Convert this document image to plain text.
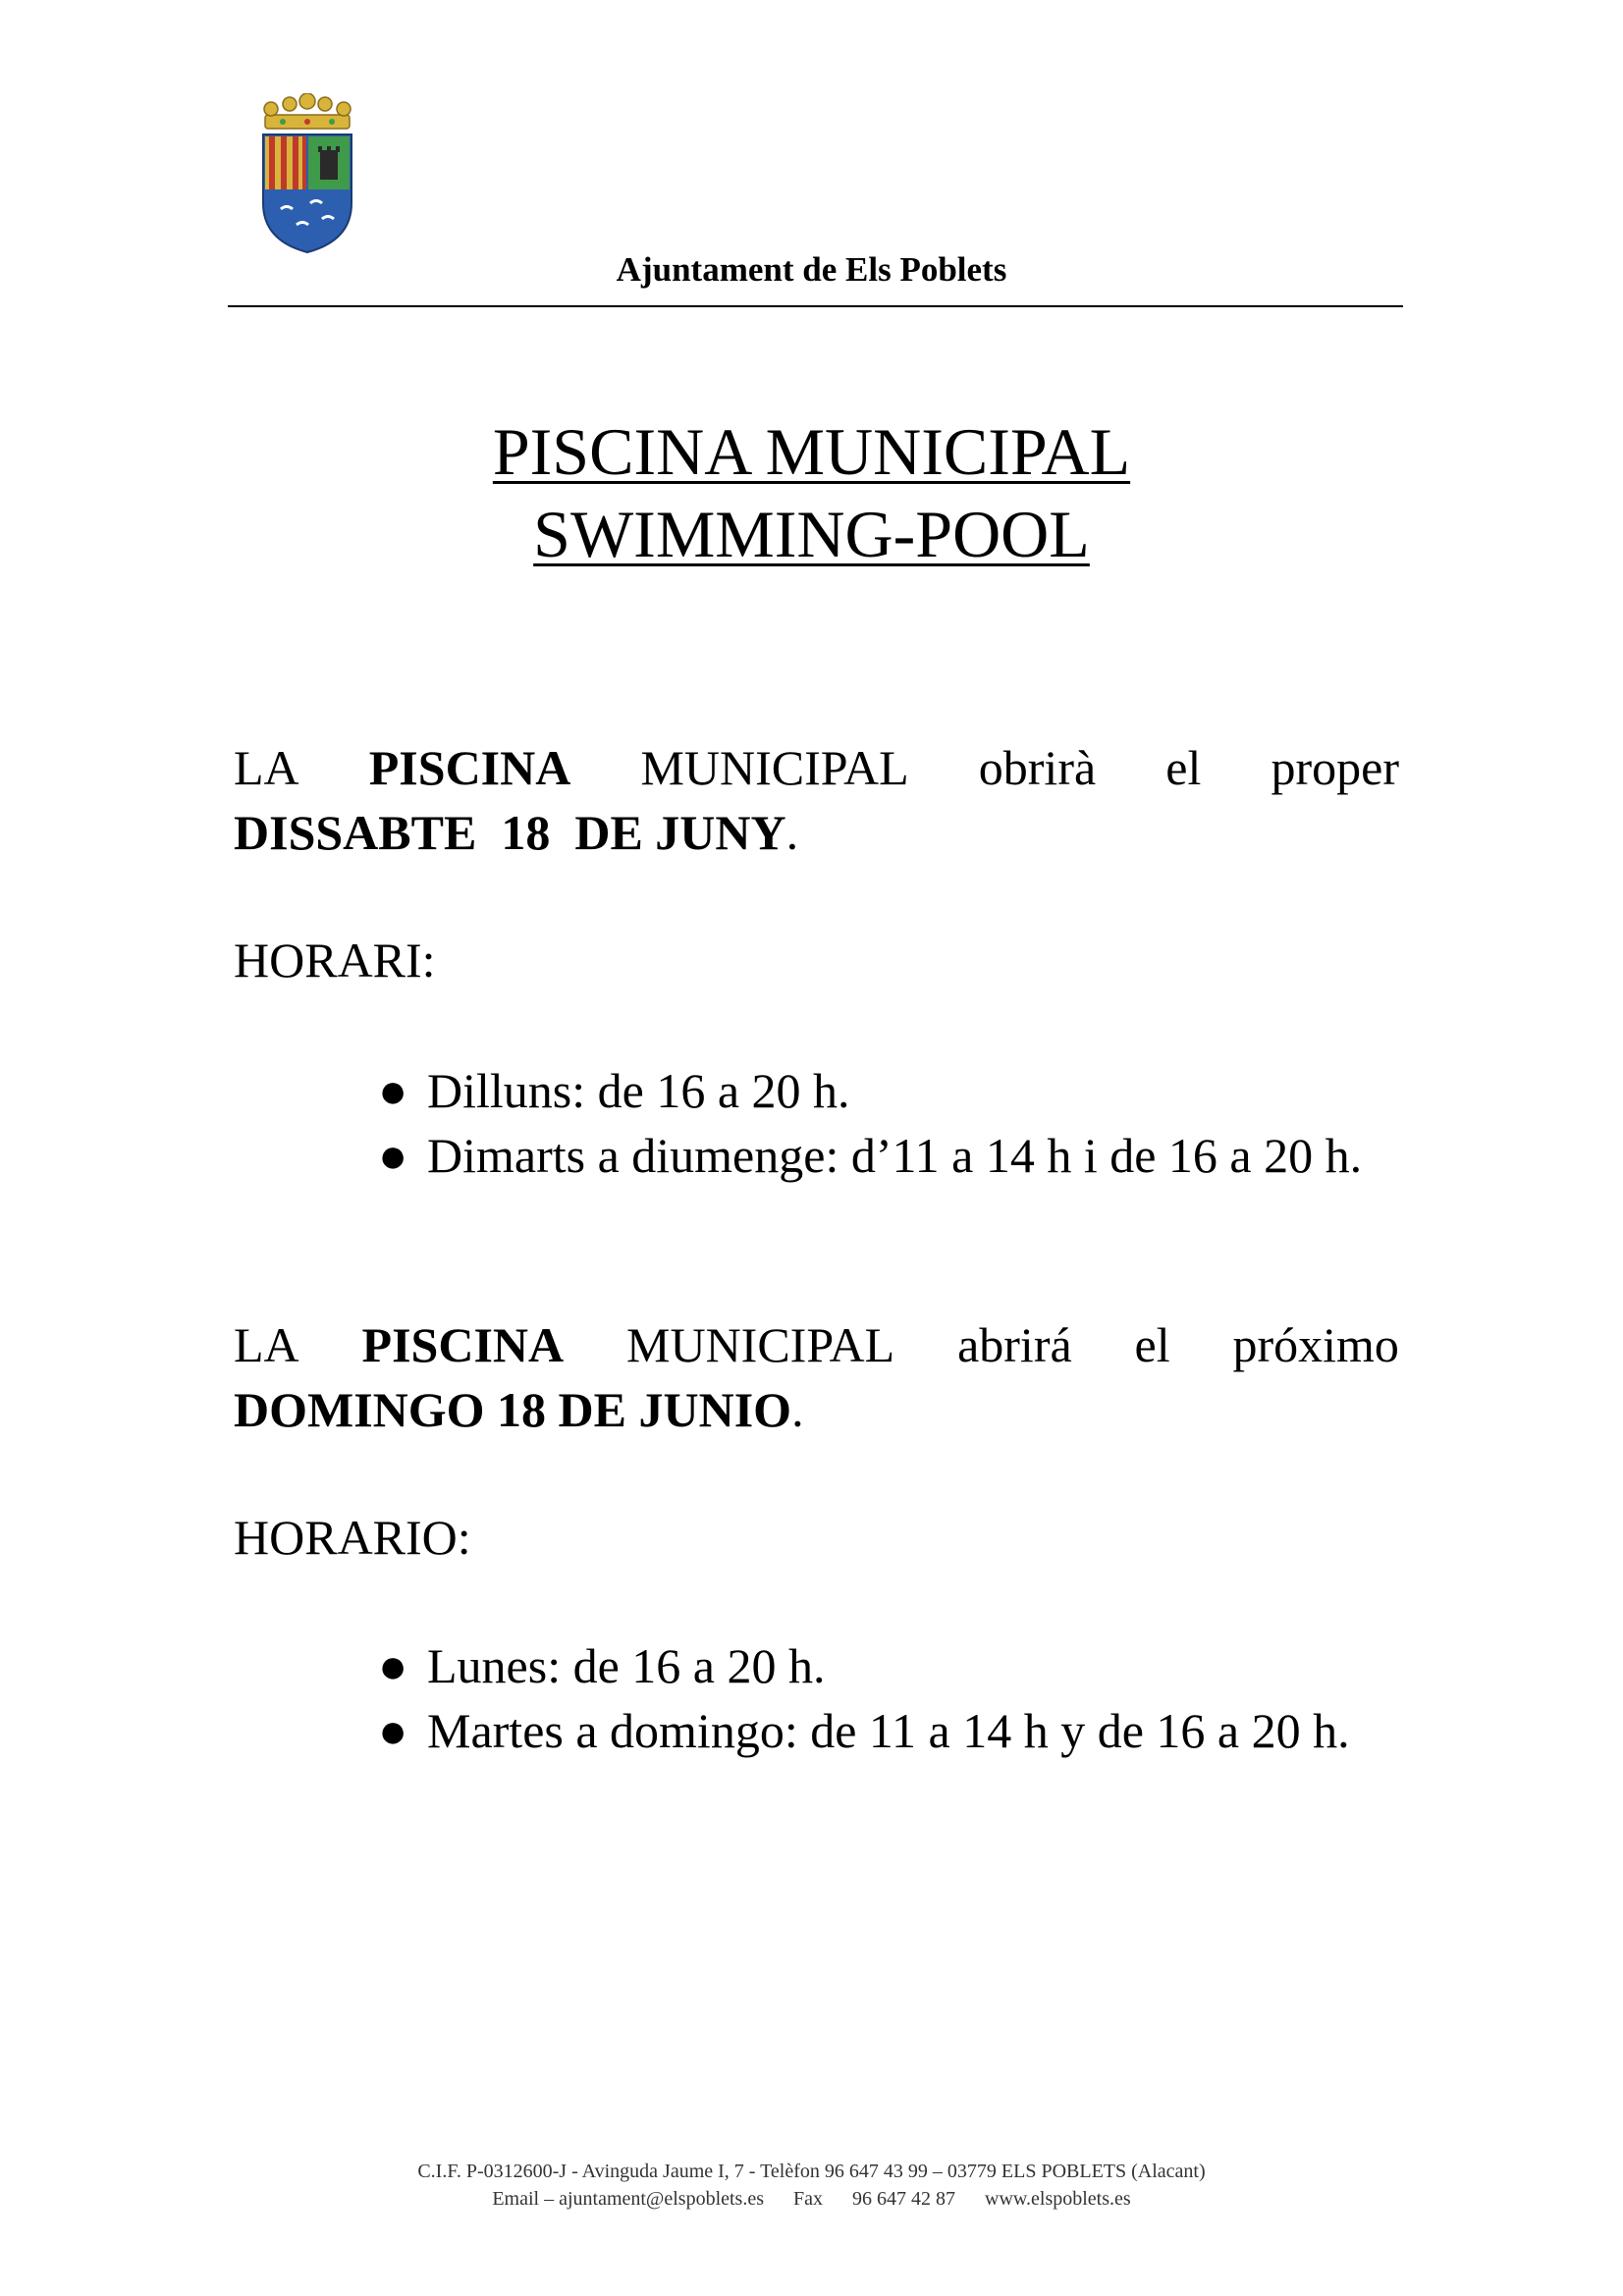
Ajuntament de Els Poblets
PISCINA MUNICIPAL
SWIMMING-POOL
LA PISCINA MUNICIPAL obrirà el proper
DISSABTE  18  DE JUNY.
HORARI:
● Dilluns: de 16 a 20 h.
● Dimarts a diumenge: d’11 a 14 h i de 16 a 20 h.
LA PISCINA MUNICIPAL abrirá el próximo
DOMINGO 18 DE JUNIO.
HORARIO:
● Lunes: de 16 a 20 h.
● Martes a domingo: de 11 a 14 h y de 16 a 20 h.
C.I.F. P-0312600-J - Avinguda Jaume I, 7 - Telèfon 96 647 43 99 – 03779 ELS POBLETS (Alacant)
Email – ajuntament@elspoblets.es      Fax      96 647 42 87      www.elspoblets.es
